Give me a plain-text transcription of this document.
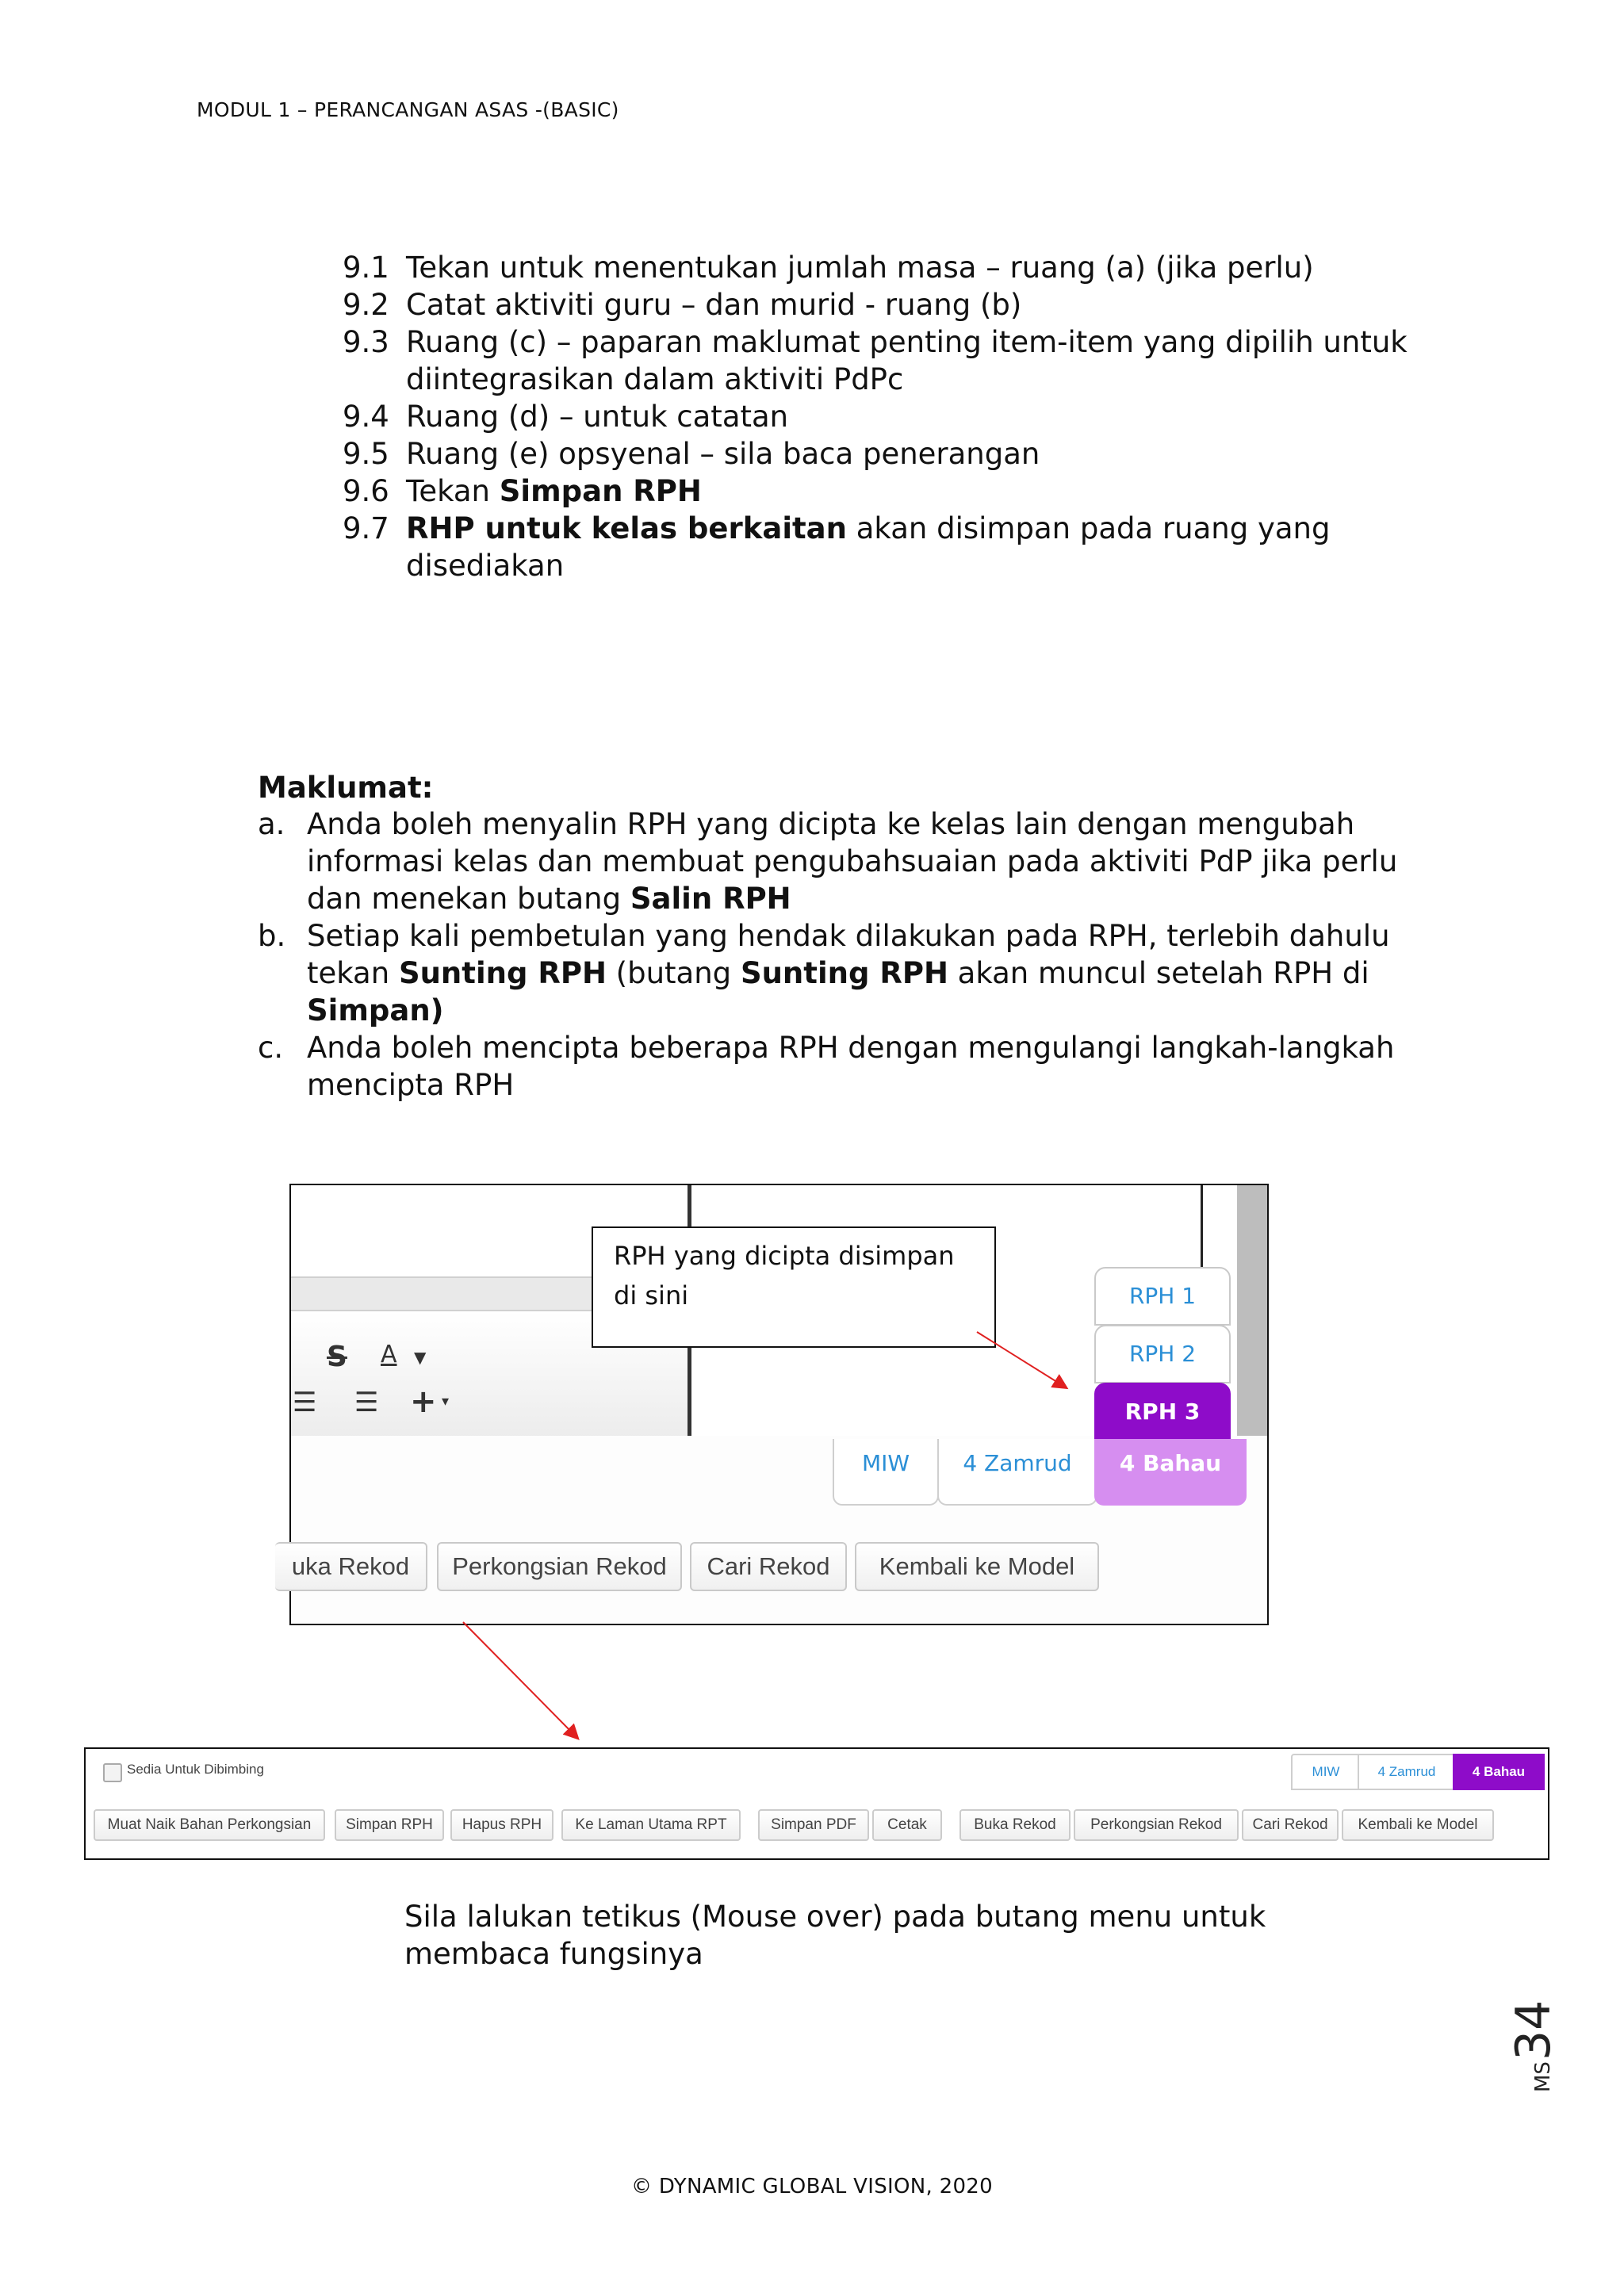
MODUL 1 – PERANCANGAN ASAS -(BASIC)
9.1 Tekan untuk menentukan jumlah masa – ruang (a) (jika perlu)
9.2 Catat aktiviti guru – dan murid - ruang (b)
9.3 Ruang (c) – paparan maklumat penting item-item yang dipilih untuk diintegrasikan dalam aktiviti PdPc
9.4 Ruang (d) – untuk catatan
9.5 Ruang (e) opsyenal – sila baca penerangan
9.6 Tekan Simpan RPH
9.7 RHP untuk kelas berkaitan akan disimpan pada ruang yang disediakan
Maklumat:
a. Anda boleh menyalin RPH yang dicipta ke kelas lain dengan mengubah informasi kelas dan membuat pengubahsuaian pada aktiviti PdP jika perlu dan menekan butang Salin RPH
b. Setiap kali pembetulan yang hendak dilakukan pada RPH, terlebih dahulu tekan Sunting RPH (butang Sunting RPH akan muncul setelah RPH di Simpan)
c. Anda boleh mencipta beberapa RPH dengan mengulangi langkah-langkah mencipta RPH
S A ▼
☰ ☰ + ▾
RPH 1
RPH 2
RPH 3
MIW	4 Zamrud	4 Bahau
uka Rekod	Perkongsian Rekod	Cari Rekod	Kembali ke Model
RPH yang dicipta disimpan di sini
Sedia Untuk Dibimbing	MIW	4 Zamrud	4 Bahau
Muat Naik Bahan Perkongsian	Simpan RPH	Hapus RPH	Ke Laman Utama RPT	Simpan PDF	Cetak	Buka Rekod	Perkongsian Rekod	Cari Rekod	Kembali ke Model
Sila lalukan tetikus (Mouse over) pada butang menu untuk membaca fungsinya
MS
34
© DYNAMIC GLOBAL VISION, 2020
